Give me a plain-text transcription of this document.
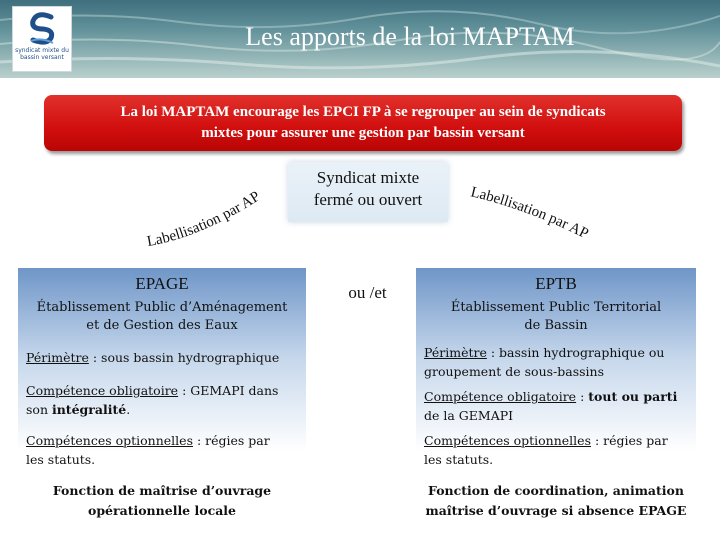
syndicat mixte du bassin versant
Les apports de la loi MAPTAM
La loi MAPTAM encourage les EPCI FP à se regrouper au sein de syndicats
mixtes pour assurer une gestion par bassin versant
Syndicat mixte
fermé ou ouvert
Labellisation par AP	Labellisation par AP
ou /et
EPAGE
Établissement Public d’Aménagement
et de Gestion des Eaux
Périmètre : sous bassin hydrographique
Compétence obligatoire : GEMAPI dans
son intégralité.
Compétences optionnelles : régies par
les statuts.
Fonction de maîtrise d’ouvrage
opérationnelle locale
EPTB
Établissement Public Territorial
de Bassin
Périmètre : bassin hydrographique ou
groupement de sous-bassins
Compétence obligatoire : tout ou parti
de la GEMAPI
Compétences optionnelles : régies par
les statuts.
Fonction de coordination, animation
maîtrise d’ouvrage si absence EPAGE
